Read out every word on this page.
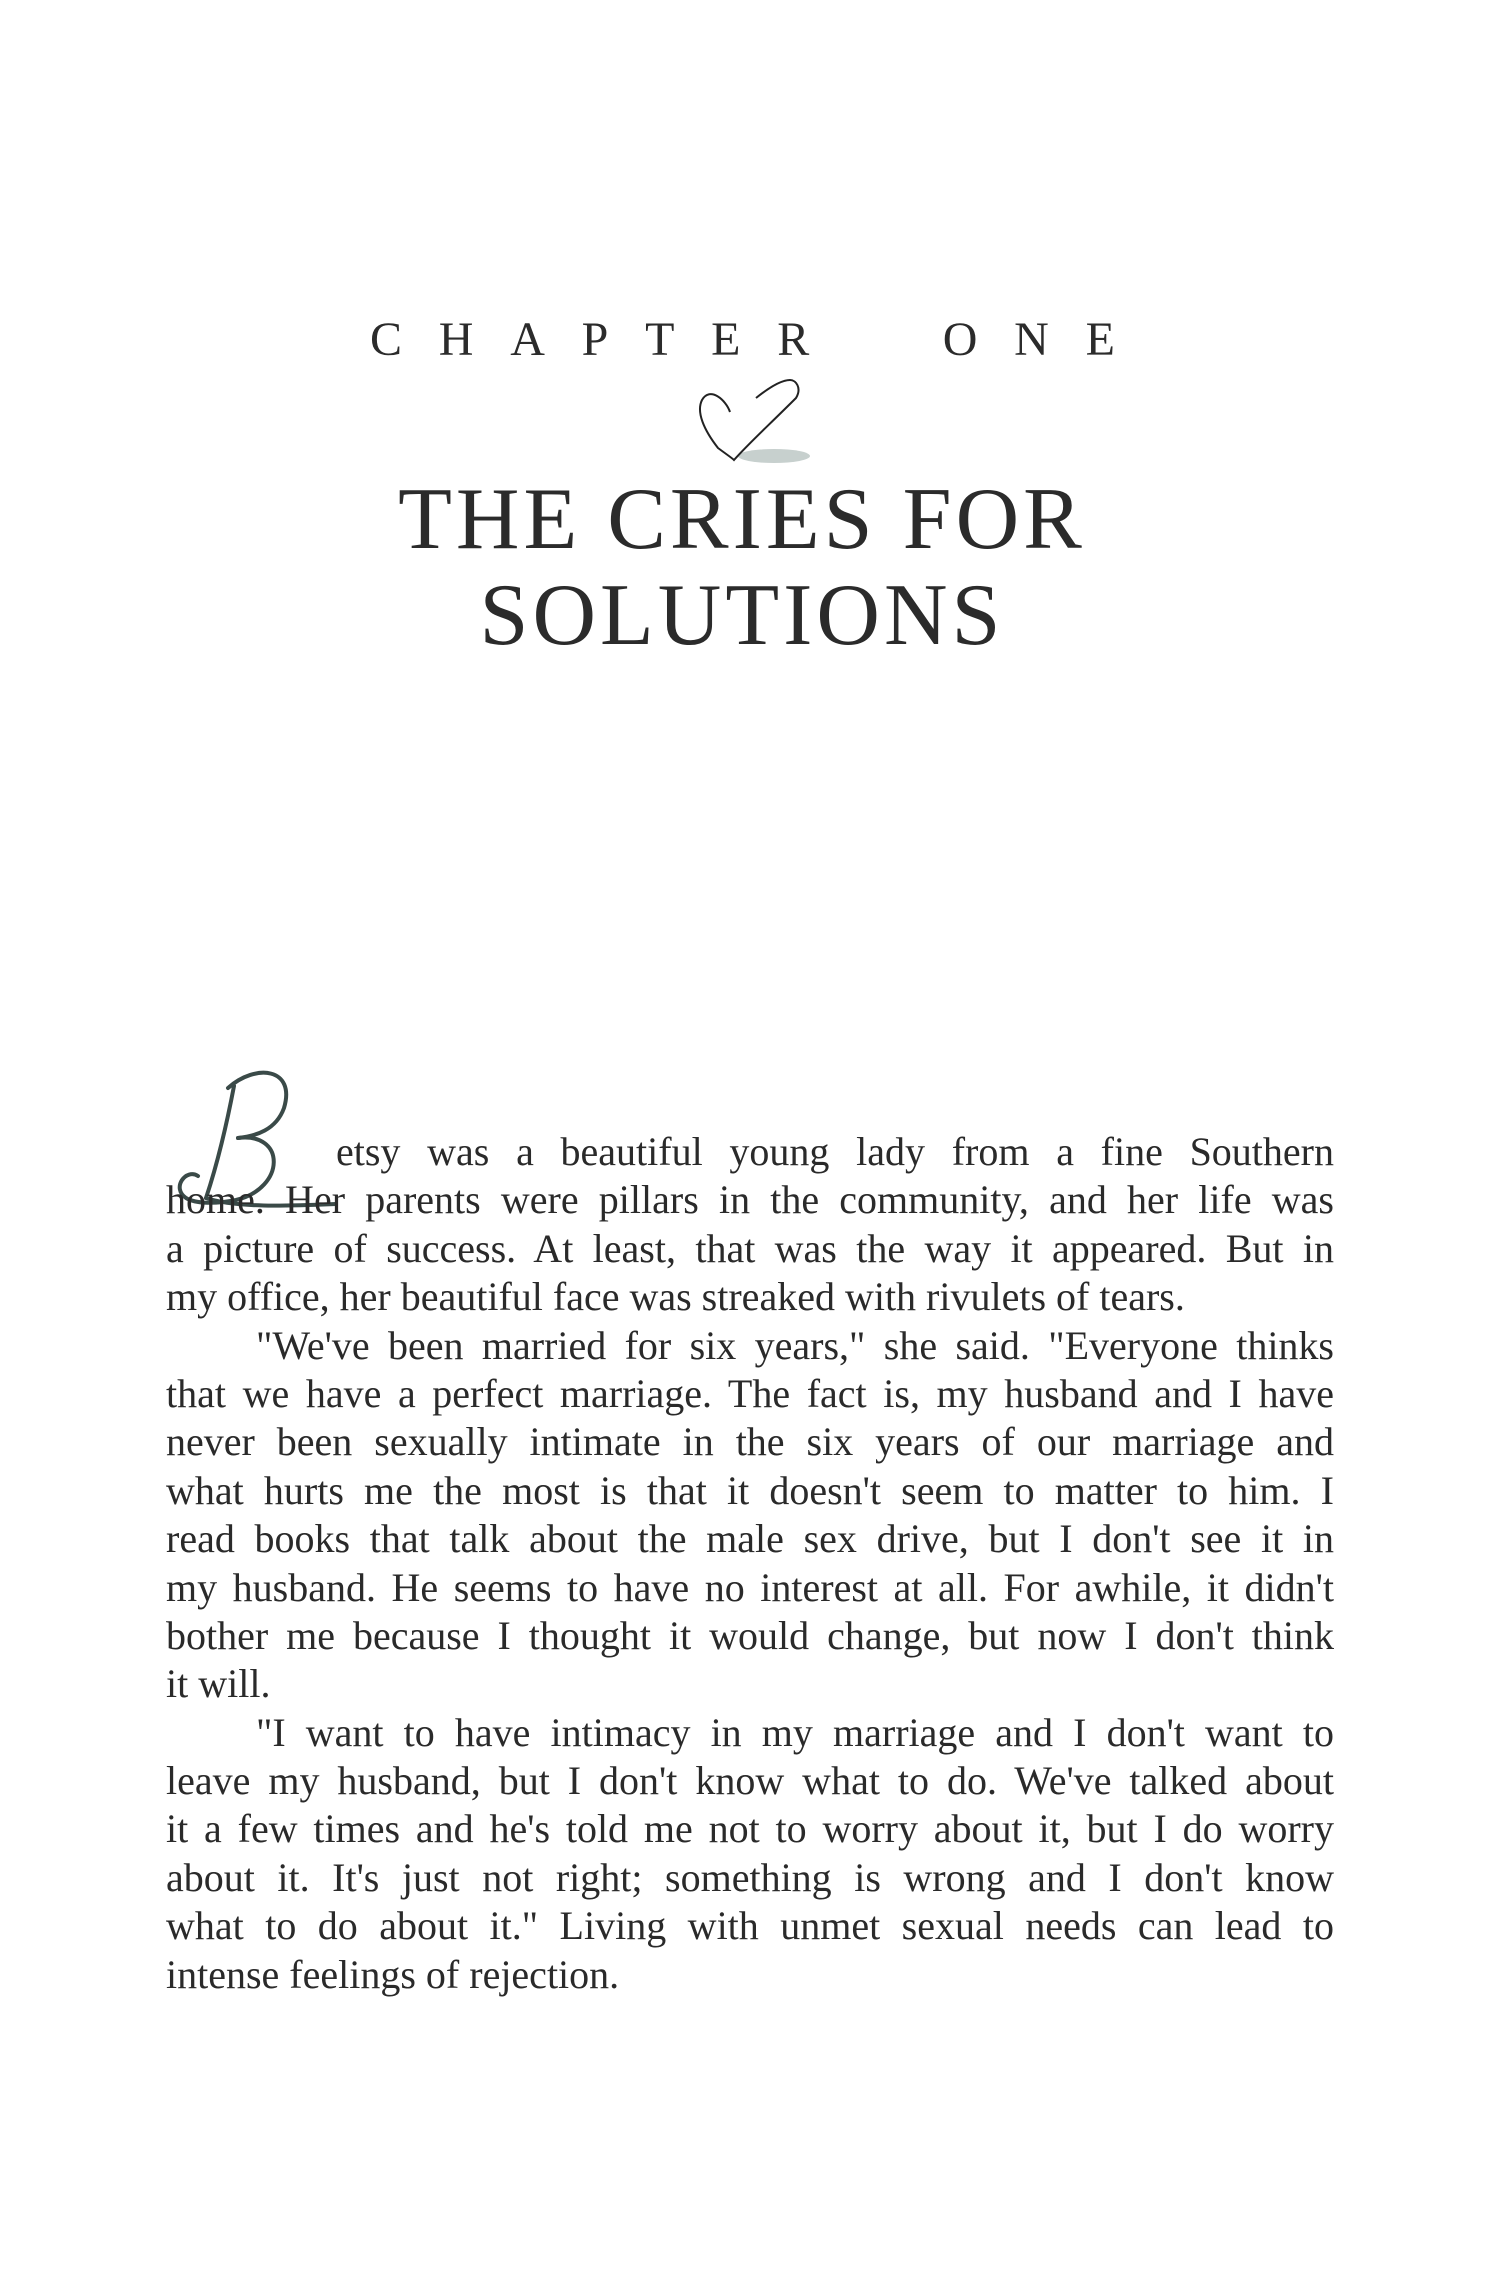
C H A P T E R	O N E
THE CRIES FOR
SOLUTIONS
etsy was a beautiful young lady from a fine Southern
home. Her parents were pillars in the community, and her life was
a picture of success. At least, that was the way it appeared. But in
my office, her beautiful face was streaked with rivulets of tears.
"We've been married for six years," she said. "Everyone thinks
that we have a perfect marriage. The fact is, my husband and I have
never been sexually intimate in the six years of our marriage and
what hurts me the most is that it doesn't seem to matter to him. I
read books that talk about the male sex drive, but I don't see it in
my husband. He seems to have no interest at all. For awhile, it didn't
bother me because I thought it would change, but now I don't think
it will.
"I want to have intimacy in my marriage and I don't want to
leave my husband, but I don't know what to do. We've talked about
it a few times and he's told me not to worry about it, but I do worry
about it. It's just not right; something is wrong and I don't know
what to do about it." Living with unmet sexual needs can lead to
intense feelings of rejection.
